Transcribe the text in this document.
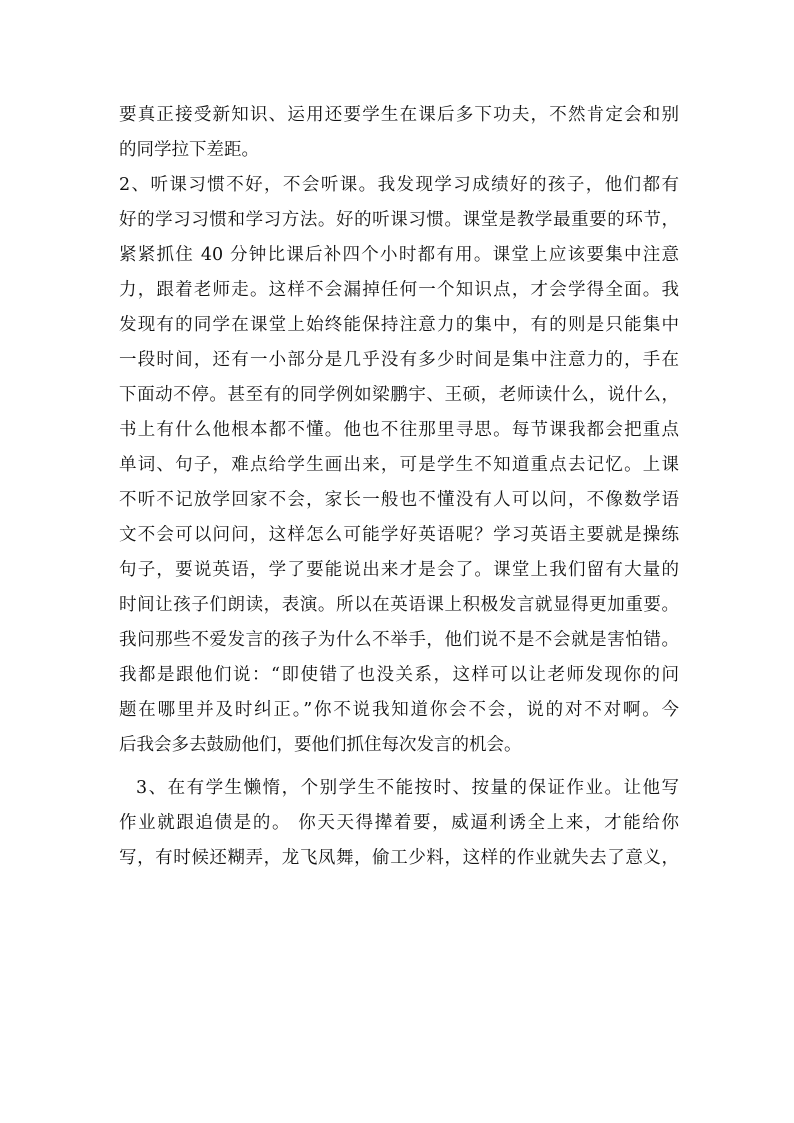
要真正接受新知识、运用还要学生在课后多下功夫，不然肯定会和别
的同学拉下差距。
2、听课习惯不好，不会听课。我发现学习成绩好的孩子，他们都有
好的学习习惯和学习方法。好的听课习惯。课堂是教学最重要的环节，
紧紧抓住 40 分钟比课后补四个小时都有用。课堂上应该要集中注意
力，跟着老师走。这样不会漏掉任何一个知识点，才会学得全面。我
发现有的同学在课堂上始终能保持注意力的集中，有的则是只能集中
一段时间，还有一小部分是几乎没有多少时间是集中注意力的，手在
下面动不停。甚至有的同学例如梁鹏宇、王硕，老师读什么，说什么，
书上有什么他根本都不懂。他也不往那里寻思。每节课我都会把重点
单词、句子，难点给学生画出来，可是学生不知道重点去记忆。上课
不听不记放学回家不会，家长一般也不懂没有人可以问，不像数学语
文不会可以问问，这样怎么可能学好英语呢？学习英语主要就是操练
句子，要说英语，学了要能说出来才是会了。课堂上我们留有大量的
时间让孩子们朗读，表演。所以在英语课上积极发言就显得更加重要。
我问那些不爱发言的孩子为什么不举手，他们说不是不会就是害怕错。
我都是跟他们说：“即使错了也没关系，这样可以让老师发现你的问
题在哪里并及时纠正。”你不说我知道你会不会，说的对不对啊。今
后我会多去鼓励他们，要他们抓住每次发言的机会。
3、在有学生懒惰，个别学生不能按时、按量的保证作业。让他写
作业就跟追债是的。 你天天得撵着要，威逼利诱全上来，才能给你
写，有时候还糊弄，龙飞凤舞，偷工少料，这样的作业就失去了意义，
